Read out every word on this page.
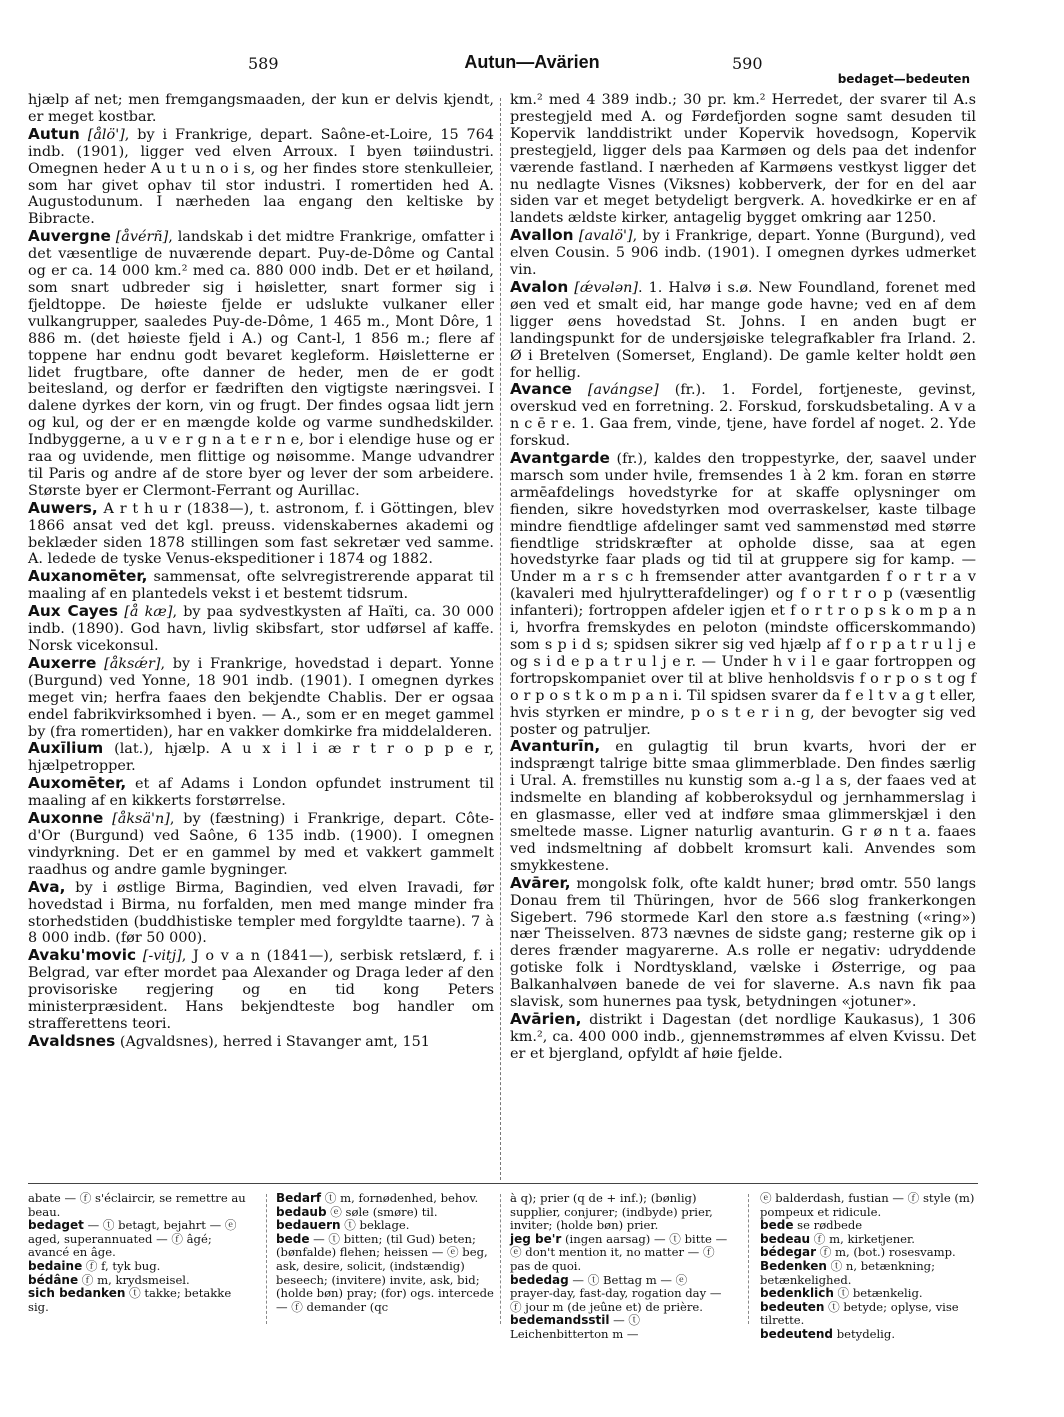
589	Autun—Avärien	590
bedaget—bedeuten

hjælp af net; men fremgangsmaaden, der kun er delvis kjendt, er meget kostbar.

Autun [ålö'], by i Frankrige, depart. Saône-et-Loire, 15 764 indb. (1901), ligger ved elven Arroux. I byen tøiindustri. Omegnen heder A u t u n o i s, og her findes store stenkulleier, som har givet ophav til stor industri. I romertiden hed A. Augustodunum. I nærheden laa engang den keltiske by Bibracte.

Auvergne [åvérñ], landskab i det midtre Frankrige, omfatter i det væsentlige de nuværende depart. Puy-de-Dôme og Cantal og er ca. 14 000 km.² med ca. 880 000 indb. Det er et høiland, som snart udbreder sig i høisletter, snart former sig i fjeldtoppe. De høieste fjelde er udslukte vulkaner eller vulkangrupper, saaledes Puy-de-Dôme, 1 465 m., Mont Dôre, 1 886 m. (det høieste fjeld i A.) og Cant-l, 1 856 m.; flere af toppene har endnu godt bevaret kegleform. Høisletterne er lidet frugtbare, ofte danner de heder, men de er godt beitesland, og derfor er fædriften den vigtigste næringsvei. I dalene dyrkes der korn, vin og frugt. Der findes ogsaa lidt jern og kul, og der er en mængde kolde og varme sundhedskilder. Indbyggerne, a u v e r g n a t e r n e, bor i elendige huse og er raa og uvidende, men flittige og nøisomme. Mange udvandrer til Paris og andre af de store byer og lever der som arbeidere. Største byer er Clermont-Ferrant og Aurillac.

Auwers, A r t h u r (1838—), t. astronom, f. i Göttingen, blev 1866 ansat ved det kgl. preuss. videnskabernes akademi og beklæder siden 1878 stillingen som fast sekretær ved samme. A. ledede de tyske Venus-ekspeditioner i 1874 og 1882.

Auxanomēter, sammensat, ofte selvregistrerende apparat til maaling af en plantedels vekst i et bestemt tidsrum.

Aux Cayes [å kæ], by paa sydvestkysten af Haïti, ca. 30 000 indb. (1890). God havn, livlig skibsfart, stor udførsel af kaffe. Norsk vicekonsul.

Auxerre [åksǽr], by i Frankrige, hovedstad i depart. Yonne (Burgund) ved Yonne, 18 901 indb. (1901). I omegnen dyrkes meget vin; herfra faaes den bekjendte Chablis. Der er ogsaa endel fabrikvirksomhed i byen. — A., som er en meget gammel by (fra romertiden), har en vakker domkirke fra middelalderen.

Auxīlium (lat.), hjælp. A u x i l i æ r t r o p p e r, hjælpetropper.

Auxomēter, et af Adams i London opfundet instrument til maaling af en kikkerts forstørrelse.

Auxonne [åksä'n], by (fæstning) i Frankrige, depart. Côte-d'Or (Burgund) ved Saône, 6 135 indb. (1900). I omegnen vindyrkning. Det er en gammel by med et vakkert gammelt raadhus og andre gamle bygninger.

Ava, by i østlige Birma, Bagindien, ved elven Iravadi, før hovedstad i Birma, nu forfalden, men med mange minder fra storhedstiden (buddhistiske templer med forgyldte taarne). 7 à 8 000 indb. (før 50 000).

Avaku'movic [-vitj], J o v a n (1841—), serbisk retslærd, f. i Belgrad, var efter mordet paa Alexander og Draga leder af den provisoriske regjering og en tid kong Peters ministerpræsident. Hans bekjendteste bog handler om strafferettens teori.

Avaldsnes (Agvaldsnes), herred i Stavanger amt, 151

km.² med 4 389 indb.; 30 pr. km.² Herredet, der svarer til A.s prestegjeld med A. og Førdefjorden sogne samt desuden til Kopervik landdistrikt under Kopervik hovedsogn, Kopervik prestegjeld, ligger dels paa Karmøen og dels paa det indenfor værende fastland. I nærheden af Karmøens vestkyst ligger det nu nedlagte Visnes (Viksnes) kobberverk, der for en del aar siden var et meget betydeligt bergverk. A. hovedkirke er en af landets ældste kirker, antagelig bygget omkring aar 1250.

Avallon [avalö'], by i Frankrige, depart. Yonne (Burgund), ved elven Cousin. 5 906 indb. (1901). I omegnen dyrkes udmerket vin.

Avalon [ǽvələn]. 1. Halvø i s.ø. New Foundland, forenet med øen ved et smalt eid, har mange gode havne; ved en af dem ligger øens hovedstad St. Johns. I en anden bugt er landingspunkt for de undersjøiske telegrafkabler fra Irland. 2. Ø i Bretelven (Somerset, England). De gamle kelter holdt øen for hellig.

Avance [avángse] (fr.). 1. Fordel, fortjeneste, gevinst, overskud ved en forretning. 2. Forskud, forskudsbetaling. A v a n c ē r e. 1. Gaa frem, vinde, tjene, have fordel af noget. 2. Yde forskud.

Avantgarde (fr.), kaldes den troppestyrke, der, saavel under marsch som under hvile, fremsendes 1 à 2 km. foran en større armēafdelings hovedstyrke for at skaffe oplysninger om fienden, sikre hovedstyrken mod overraskelser, kaste tilbage mindre fiendtlige afdelinger samt ved sammenstød med større fiendtlige stridskræfter at opholde disse, saa at egen hovedstyrke faar plads og tid til at gruppere sig for kamp. — Under m a r s c h fremsender atter avantgarden f o r t r a v (kavaleri med hjulrytterafdelinger) og f o r t r o p (væsentlig infanteri); fortroppen afdeler igjen et f o r t r o p s k o m p a n i, hvorfra fremskydes en peloton (mindste officerskommando) som s p i d s; spidsen sikrer sig ved hjælp af f o r p a t r u l j e og s i d e p a t r u l j e r. — Under h v i l e gaar fortroppen og fortropskompaniet over til at blive henholdsvis f o r p o s t og f o r p o s t k o m p a n i. Til spidsen svarer da f e l t v a g t eller, hvis styrken er mindre, p o s t e r i n g, der bevogter sig ved poster og patruljer.

Avanturīn, en gulagtig til brun kvarts, hvori der er indsprængt talrige bitte smaa glimmerblade. Den findes særlig i Ural. A. fremstilles nu kunstig som a.-g l a s, der faaes ved at indsmelte en blanding af kobberoksydul og jernhammerslag i en glasmasse, eller ved at indføre smaa glimmerskjæl i den smeltede masse. Ligner naturlig avanturin. G r ø n t a. faaes ved indsmeltning af dobbelt kromsurt kali. Anvendes som smykkestene.

Avārer, mongolsk folk, ofte kaldt huner; brød omtr. 550 langs Donau frem til Thüringen, hvor de 566 slog frankerkongen Sigebert. 796 stormede Karl den store a.s fæstning («ring») nær Theisselven. 873 nævnes de sidste gang; resterne gik op i deres frænder magyarerne. A.s rolle er negativ: udryddende gotiske folk i Nordtyskland, vælske i Østerrige, og paa Balkanhalvøen banede de vei for slaverne. A.s navn fik paa slavisk, som hunernes paa tysk, betydningen «jotuner».

Avārien, distrikt i Dagestan (det nordlige Kaukasus), 1 306 km.², ca. 400 000 indb., gjennemstrømmes af elven Kvissu. Det er et bjergland, opfyldt af høie fjelde.

abate — ⓕ s'éclaircir, se remettre au beau.

bedaget — ⓣ betagt, bejahrt — ⓔ aged, superannuated — ⓕ âgé; avancé en âge.

bedaine ⓕ f, tyk bug.

bédâne ⓕ m, krydsmeisel.

sich bedanken ⓣ takke; betakke sig.

Bedarf ⓣ m, fornødenhed, behov.

bedaub ⓔ søle (smøre) til.

bedauern ⓣ beklage.

bede — ⓣ bitten; (til Gud) beten; (bønfalde) flehen; heissen — ⓔ beg, ask, desire, solicit, (indstændig) beseech; (invitere) invite, ask, bid; (holde bøn) pray; (for) ogs. intercede — ⓕ demander (qc

à q); prier (q de + inf.); (bønlig) supplier, conjurer; (indbyde) prier, inviter; (holde bøn) prier.

jeg be'r (ingen aarsag) — ⓣ bitte — ⓔ don't mention it, no matter — ⓕ pas de quoi.

bededag — ⓣ Bettag m — ⓔ prayer-day, fast-day, rogation day — ⓕ jour m (de jeûne et) de prière.

bedemandsstil — ⓣ Leichenbitterton m —

ⓔ balderdash, fustian — ⓕ style (m) pompeux et ridicule.

bede se rødbede

bedeau ⓕ m, kirketjener.

bédegar ⓕ m, (bot.) rosesvamp.

Bedenken ⓣ n, betænkning; betænkelighed.

bedenklich ⓣ betænkelig.

bedeuten ⓣ betyde; oplyse, vise tilrette.

bedeutend betydelig.
